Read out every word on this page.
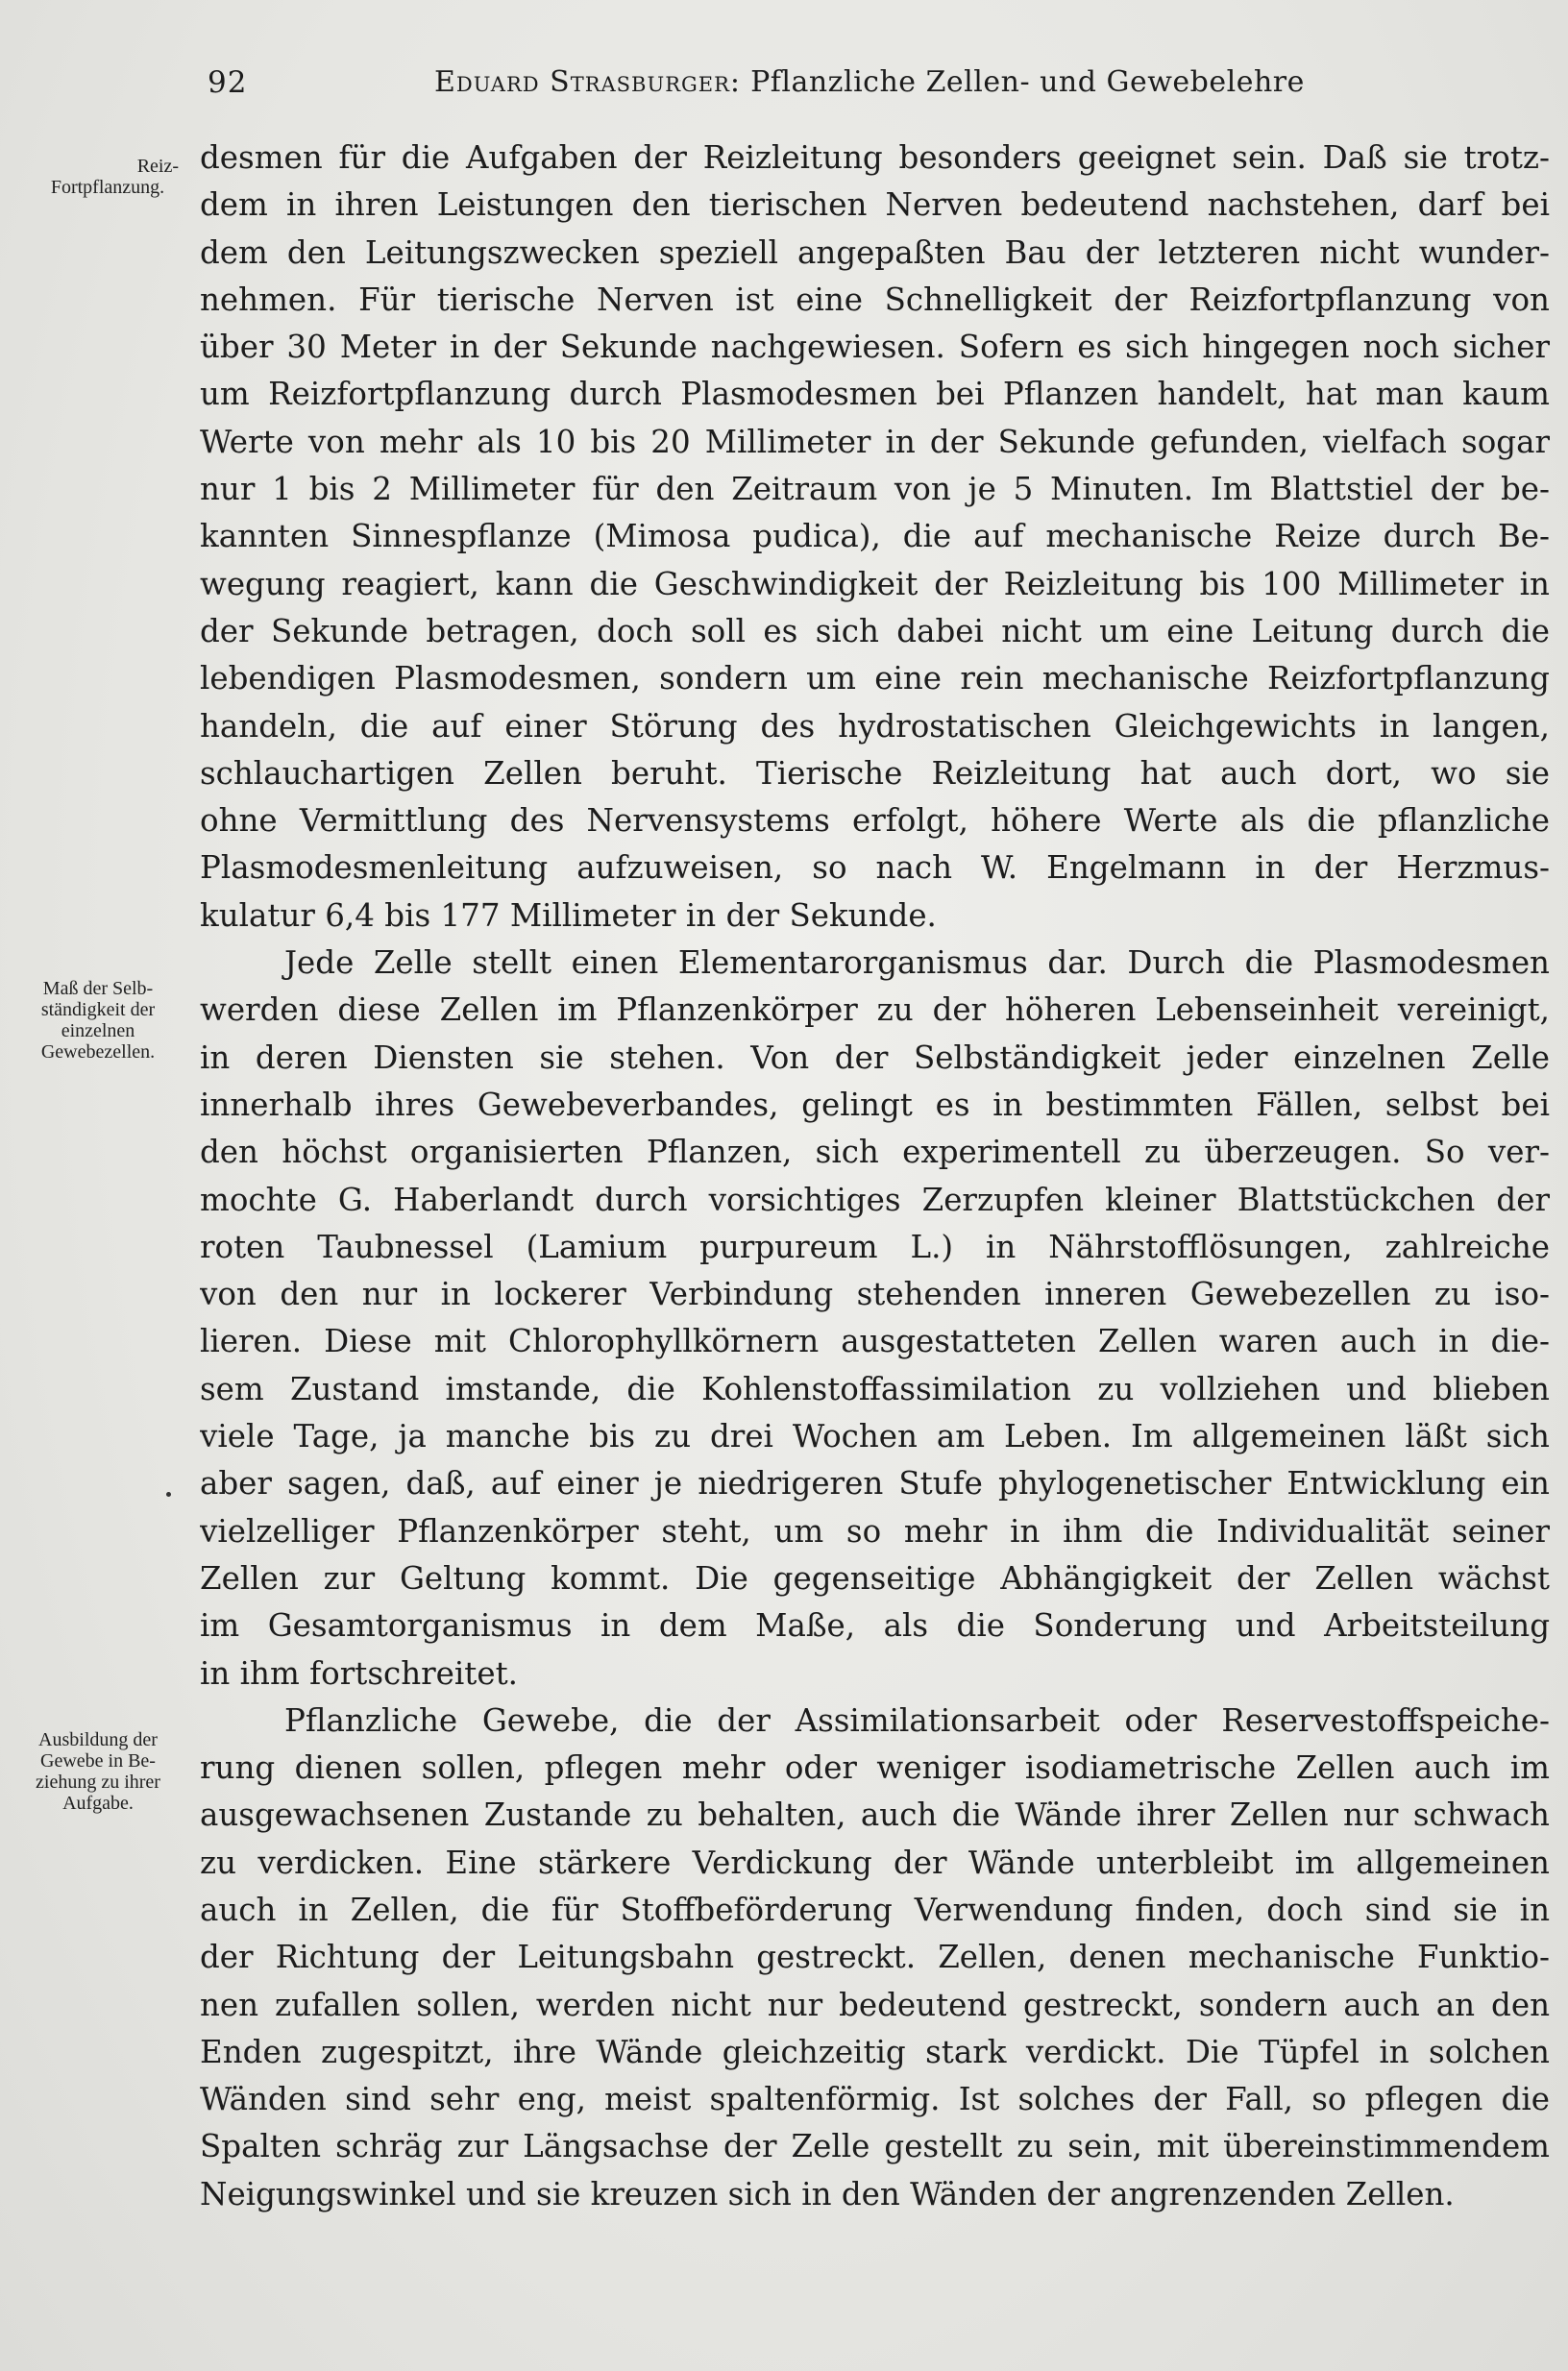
92	Eduard Strasburger: Pflanzliche Zellen- und Gewebelehre
Reiz-
Fortpflanzung.
Maß der Selb-
ständigkeit der
einzelnen
Gewebezellen.
Ausbildung der
Gewebe in Be-
ziehung zu ihrer
Aufgabe.
desmen für die Aufgaben der Reizleitung besonders geeignet sein. Daß sie trotz-
dem in ihren Leistungen den tierischen Nerven bedeutend nachstehen, darf bei
dem den Leitungszwecken speziell angepaßten Bau der letzteren nicht wunder-
nehmen. Für tierische Nerven ist eine Schnelligkeit der Reizfortpflanzung von
über 30 Meter in der Sekunde nachgewiesen. Sofern es sich hingegen noch sicher
um Reizfortpflanzung durch Plasmodesmen bei Pflanzen handelt, hat man kaum
Werte von mehr als 10 bis 20 Millimeter in der Sekunde gefunden, vielfach sogar
nur 1 bis 2 Millimeter für den Zeitraum von je 5 Minuten. Im Blattstiel der be-
kannten Sinnespflanze (Mimosa pudica), die auf mechanische Reize durch Be-
wegung reagiert, kann die Geschwindigkeit der Reizleitung bis 100 Millimeter in
der Sekunde betragen, doch soll es sich dabei nicht um eine Leitung durch die
lebendigen Plasmodesmen, sondern um eine rein mechanische Reizfortpflanzung
handeln, die auf einer Störung des hydrostatischen Gleichgewichts in langen,
schlauchartigen Zellen beruht. Tierische Reizleitung hat auch dort, wo sie
ohne Vermittlung des Nervensystems erfolgt, höhere Werte als die pflanzliche
Plasmodesmenleitung aufzuweisen, so nach W. Engelmann in der Herzmus-
kulatur 6,4 bis 177 Millimeter in der Sekunde.
Jede Zelle stellt einen Elementarorganismus dar. Durch die Plasmodesmen
werden diese Zellen im Pflanzenkörper zu der höheren Lebenseinheit vereinigt,
in deren Diensten sie stehen. Von der Selbständigkeit jeder einzelnen Zelle
innerhalb ihres Gewebeverbandes, gelingt es in bestimmten Fällen, selbst bei
den höchst organisierten Pflanzen, sich experimentell zu überzeugen. So ver-
mochte G. Haberlandt durch vorsichtiges Zerzupfen kleiner Blattstückchen der
roten Taubnessel (Lamium purpureum L.) in Nährstofflösungen, zahlreiche
von den nur in lockerer Verbindung stehenden inneren Gewebezellen zu iso-
lieren. Diese mit Chlorophyllkörnern ausgestatteten Zellen waren auch in die-
sem Zustand imstande, die Kohlenstoffassimilation zu vollziehen und blieben
viele Tage, ja manche bis zu drei Wochen am Leben. Im allgemeinen läßt sich
aber sagen, daß, auf einer je niedrigeren Stufe phylogenetischer Entwicklung ein
vielzelliger Pflanzenkörper steht, um so mehr in ihm die Individualität seiner
Zellen zur Geltung kommt. Die gegenseitige Abhängigkeit der Zellen wächst
im Gesamtorganismus in dem Maße, als die Sonderung und Arbeitsteilung
in ihm fortschreitet.
Pflanzliche Gewebe, die der Assimilationsarbeit oder Reservestoffspeiche-
rung dienen sollen, pflegen mehr oder weniger isodiametrische Zellen auch im
ausgewachsenen Zustande zu behalten, auch die Wände ihrer Zellen nur schwach
zu verdicken. Eine stärkere Verdickung der Wände unterbleibt im allgemeinen
auch in Zellen, die für Stoffbeförderung Verwendung finden, doch sind sie in
der Richtung der Leitungsbahn gestreckt. Zellen, denen mechanische Funktio-
nen zufallen sollen, werden nicht nur bedeutend gestreckt, sondern auch an den
Enden zugespitzt, ihre Wände gleichzeitig stark verdickt. Die Tüpfel in solchen
Wänden sind sehr eng, meist spaltenförmig. Ist solches der Fall, so pflegen die
Spalten schräg zur Längsachse der Zelle gestellt zu sein, mit übereinstimmendem
Neigungswinkel und sie kreuzen sich in den Wänden der angrenzenden Zellen.
